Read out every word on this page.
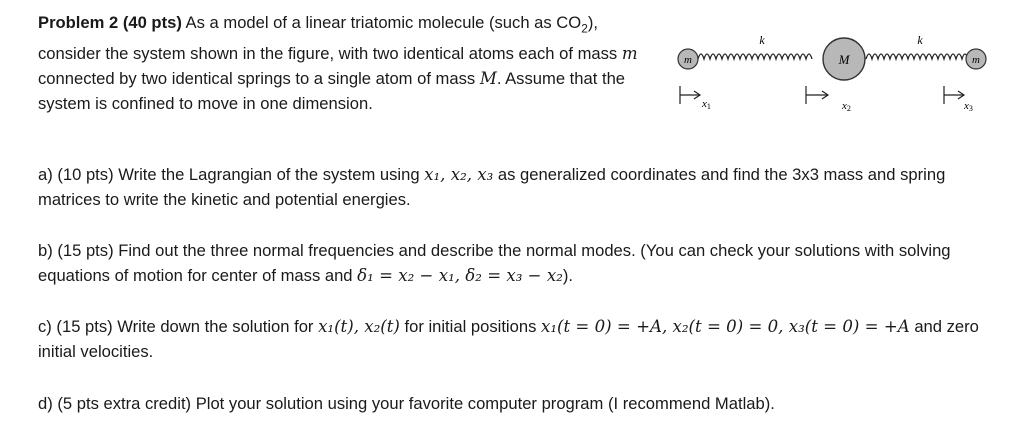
Problem 2 (40 pts) As a model of a linear triatomic molecule (such as $CO_2$), consider the system shown in the figure, with two identical atoms each of mass m connected by two identical springs to a single atom of mass M. Assume that the system is confined to move in one dimension.

m	M	m
k	k
x1	x2	x3

a) (10 pts) Write the Lagrangian of the system using x₁, x₂, x₃ as generalized coordinates and find the 3x3 mass and spring matrices to write the kinetic and potential energies.

b) (15 pts) Find out the three normal frequencies and describe the normal modes. (You can check your solutions with solving equations of motion for center of mass and δ₁ = x₂ − x₁, δ₂ = x₃ − x₂).

c) (15 pts) Write down the solution for x₁(t), x₂(t) for initial positions x₁(t = 0) = +A, x₂(t = 0) = 0, x₃(t = 0) = +A and zero initial velocities.

d) (5 pts extra credit) Plot your solution using your favorite computer program (I recommend Matlab).
